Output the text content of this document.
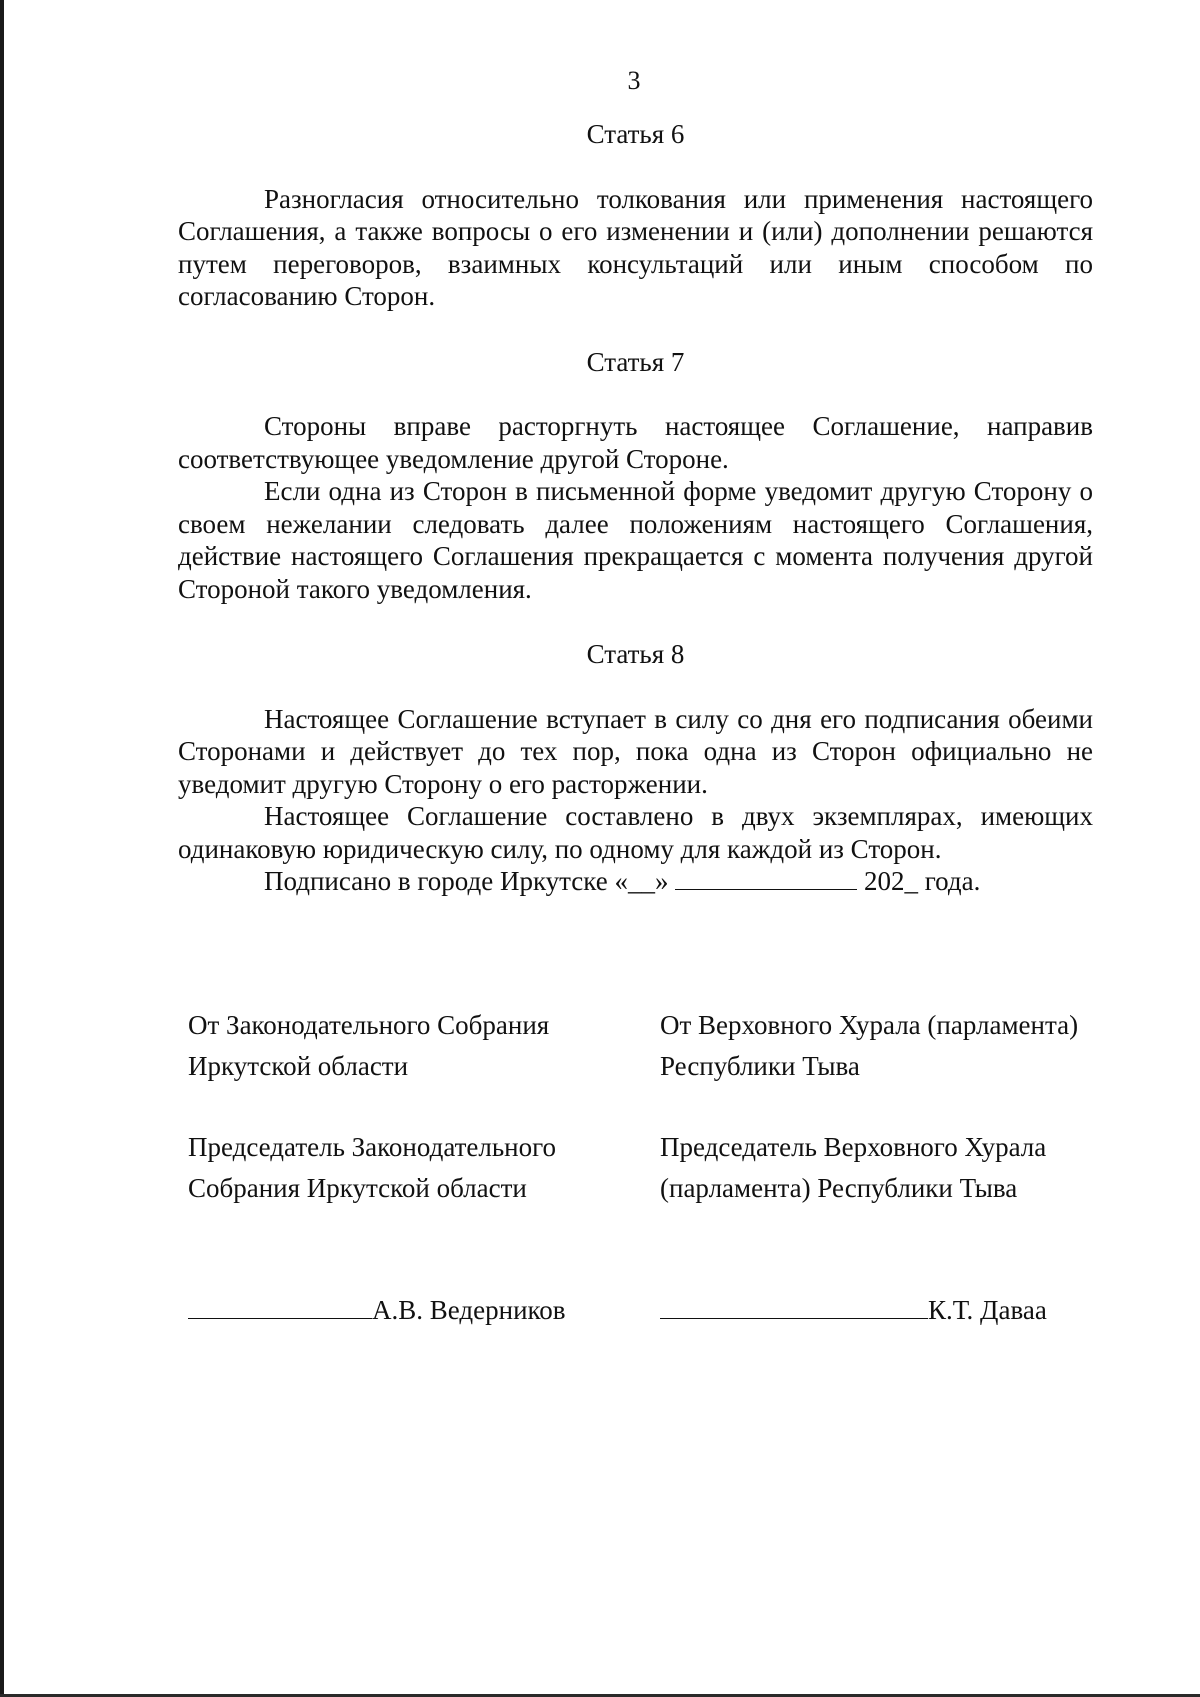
3
Статья 6

Разногласия относительно толкования или применения настоящего Соглашения, а также вопросы о его изменении и (или) дополнении решаются путем переговоров, взаимных консультаций или иным способом по согласованию Сторон.

Статья 7

Стороны вправе расторгнуть настоящее Соглашение, направив соответствующее уведомление другой Стороне.

Если одна из Сторон в письменной форме уведомит другую Сторону о своем нежелании следовать далее положениям настоящего Соглашения, действие настоящего Соглашения прекращается с момента получения другой Стороной такого уведомления.

Статья 8

Настоящее Соглашение вступает в силу со дня его подписания обеими Сторонами и действует до тех пор, пока одна из Сторон официально не уведомит другую Сторону о его расторжении.

Настоящее Соглашение составлено в двух экземплярах, имеющих одинаковую юридическую силу, по одному для каждой из Сторон.

Подписано в городе Иркутске «__»	202_ года.

От Законодательного Собрания

Иркутской области

Председатель Законодательного

Собрания Иркутской области

От Верховного Хурала (парламента)

Республики Тыва

Председатель Верховного Хурала

(парламента) Республики Тыва

А.В. Ведерников	К.Т. Даваа
